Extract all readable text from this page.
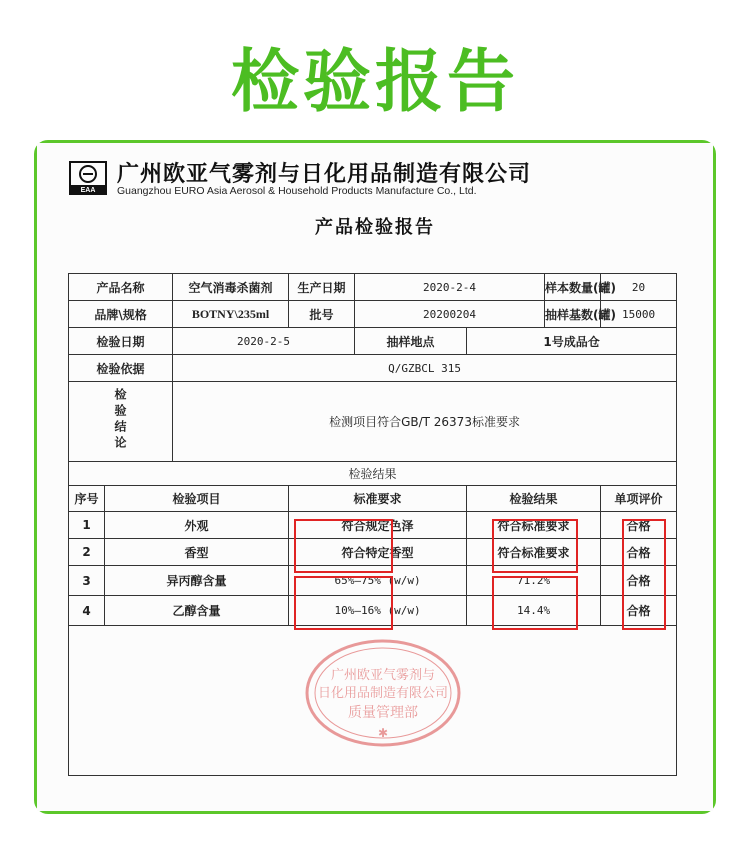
检验报告
EAA
广州欧亚气雾剂与日化用品制造有限公司
Guangzhou EURO Asia Aerosol & Household Products Manufacture Co., Ltd.
产品检验报告
产品名称		空气消毒杀菌剂	生产日期	2020-2-4		样本数量(罐)	20
品牌\规格		BOTNY\235ml	批号	20200204		抽样基数(罐)	15000
检验日期		2020-2-5		抽样地点	1号成品仓		
检验依据		Q/GZBCL 315					
检验结论		检测项目符合GB/T 26373标准要求					
检验结果							
序号	检验项目		标准要求		检验结果		单项评价
1	外观		符合规定色泽		符合标准要求		合格
2	香型		符合特定香型		符合标准要求		合格
3	异丙醇含量		65%—75% (w/w)		71.2%		合格
4	乙醇含量		10%—16% (w/w)		14.4%		合格

广州欧亚气雾剂与
日化用品制造有限公司
质量管理部
✱
